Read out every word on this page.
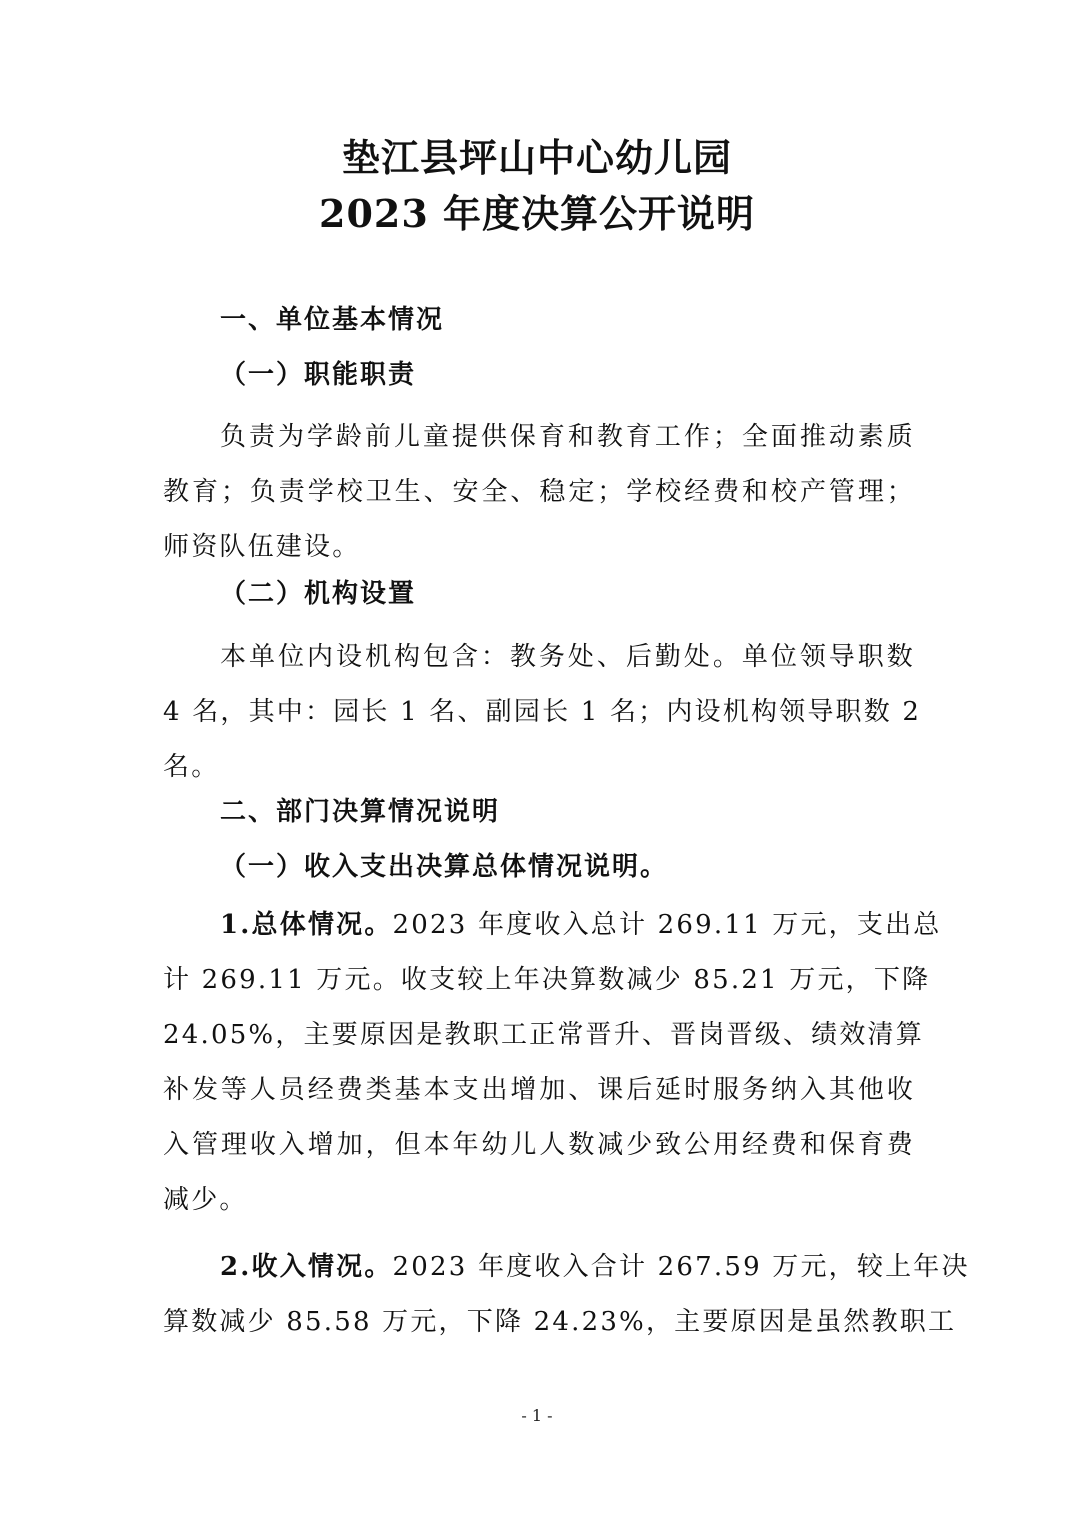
垫江县坪山中心幼儿园
2023 年度决算公开说明
一、单位基本情况
（一）职能职责
负责为学龄前儿童提供保育和教育工作；全面推动素质
教育；负责学校卫生、安全、稳定；学校经费和校产管理；
师资队伍建设。
（二）机构设置
本单位内设机构包含：教务处、后勤处。单位领导职数
4 名，其中：园长 1 名、副园长 1 名；内设机构领导职数 2
名。
二、部门决算情况说明
（一）收入支出决算总体情况说明。
1.总体情况。2023 年度收入总计 269.11 万元，支出总
计 269.11 万元。收支较上年决算数减少 85.21 万元，下降
24.05%，主要原因是教职工正常晋升、晋岗晋级、绩效清算
补发等人员经费类基本支出增加、课后延时服务纳入其他收
入管理收入增加，但本年幼儿人数减少致公用经费和保育费
减少。
2.收入情况。2023 年度收入合计 267.59 万元，较上年决
算数减少 85.58 万元，下降 24.23%，主要原因是虽然教职工
- 1 -
